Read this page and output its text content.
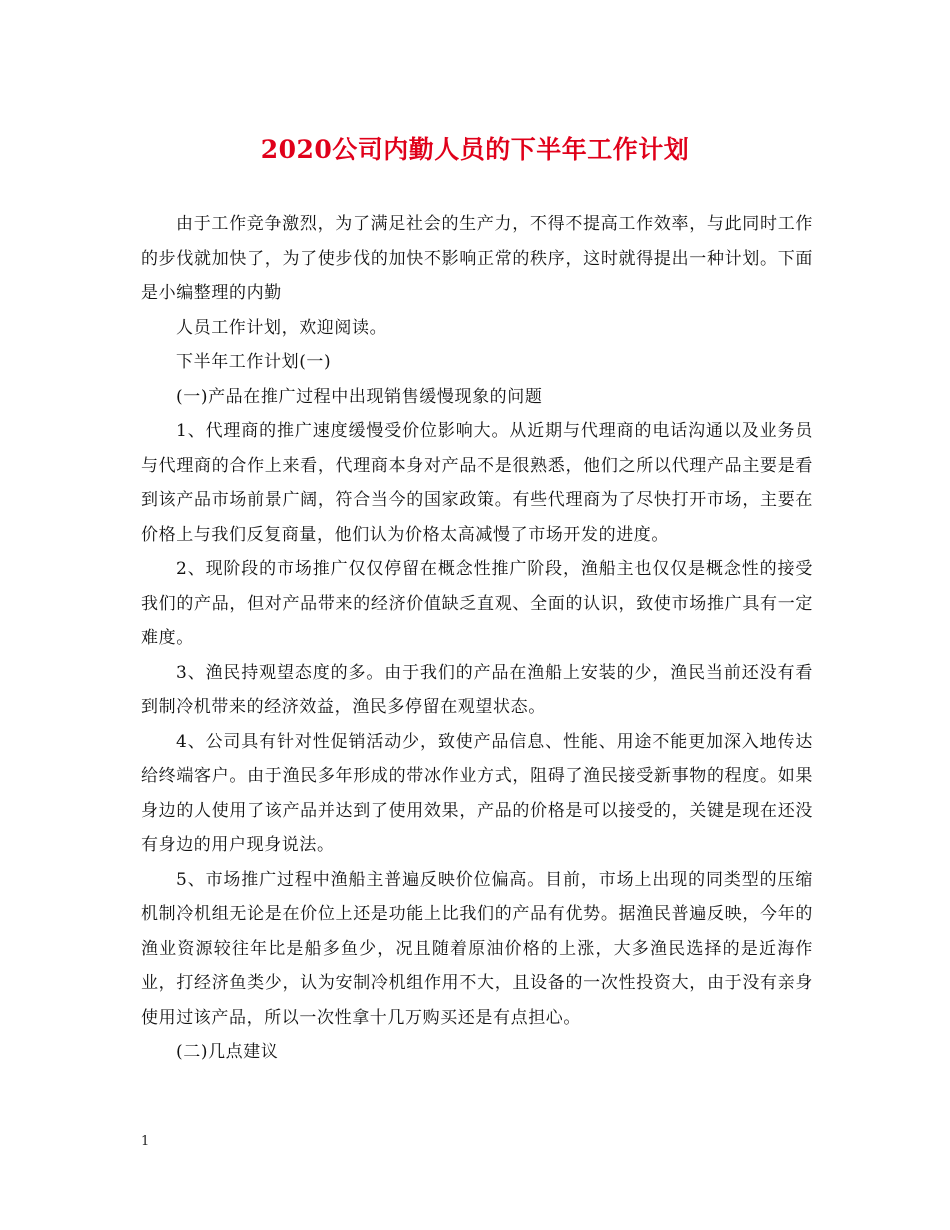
2020公司内勤人员的下半年工作计划

由于工作竞争激烈，为了满足社会的生产力，不得不提高工作效率，与此同时工作的步伐就加快了，为了使步伐的加快不影响正常的秩序，这时就得提出一种计划。下面是小编整理的内勤

人员工作计划，欢迎阅读。

下半年工作计划(一)

(一)产品在推广过程中出现销售缓慢现象的问题

1、代理商的推广速度缓慢受价位影响大。从近期与代理商的电话沟通以及业务员与代理商的合作上来看，代理商本身对产品不是很熟悉，他们之所以代理产品主要是看到该产品市场前景广阔，符合当今的国家政策。有些代理商为了尽快打开市场，主要在价格上与我们反复商量，他们认为价格太高减慢了市场开发的进度。

2、现阶段的市场推广仅仅停留在概念性推广阶段，渔船主也仅仅是概念性的接受我们的产品，但对产品带来的经济价值缺乏直观、全面的认识，致使市场推广具有一定难度。

3、渔民持观望态度的多。由于我们的产品在渔船上安装的少，渔民当前还没有看到制冷机带来的经济效益，渔民多停留在观望状态。

4、公司具有针对性促销活动少，致使产品信息、性能、用途不能更加深入地传达给终端客户。由于渔民多年形成的带冰作业方式，阻碍了渔民接受新事物的程度。如果身边的人使用了该产品并达到了使用效果，产品的价格是可以接受的，关键是现在还没有身边的用户现身说法。

5、市场推广过程中渔船主普遍反映价位偏高。目前，市场上出现的同类型的压缩机制冷机组无论是在价位上还是功能上比我们的产品有优势。据渔民普遍反映，今年的渔业资源较往年比是船多鱼少，况且随着原油价格的上涨，大多渔民选择的是近海作业，打经济鱼类少，认为安制冷机组作用不大，且设备的一次性投资大，由于没有亲身使用过该产品，所以一次性拿十几万购买还是有点担心。

(二)几点建议

1
